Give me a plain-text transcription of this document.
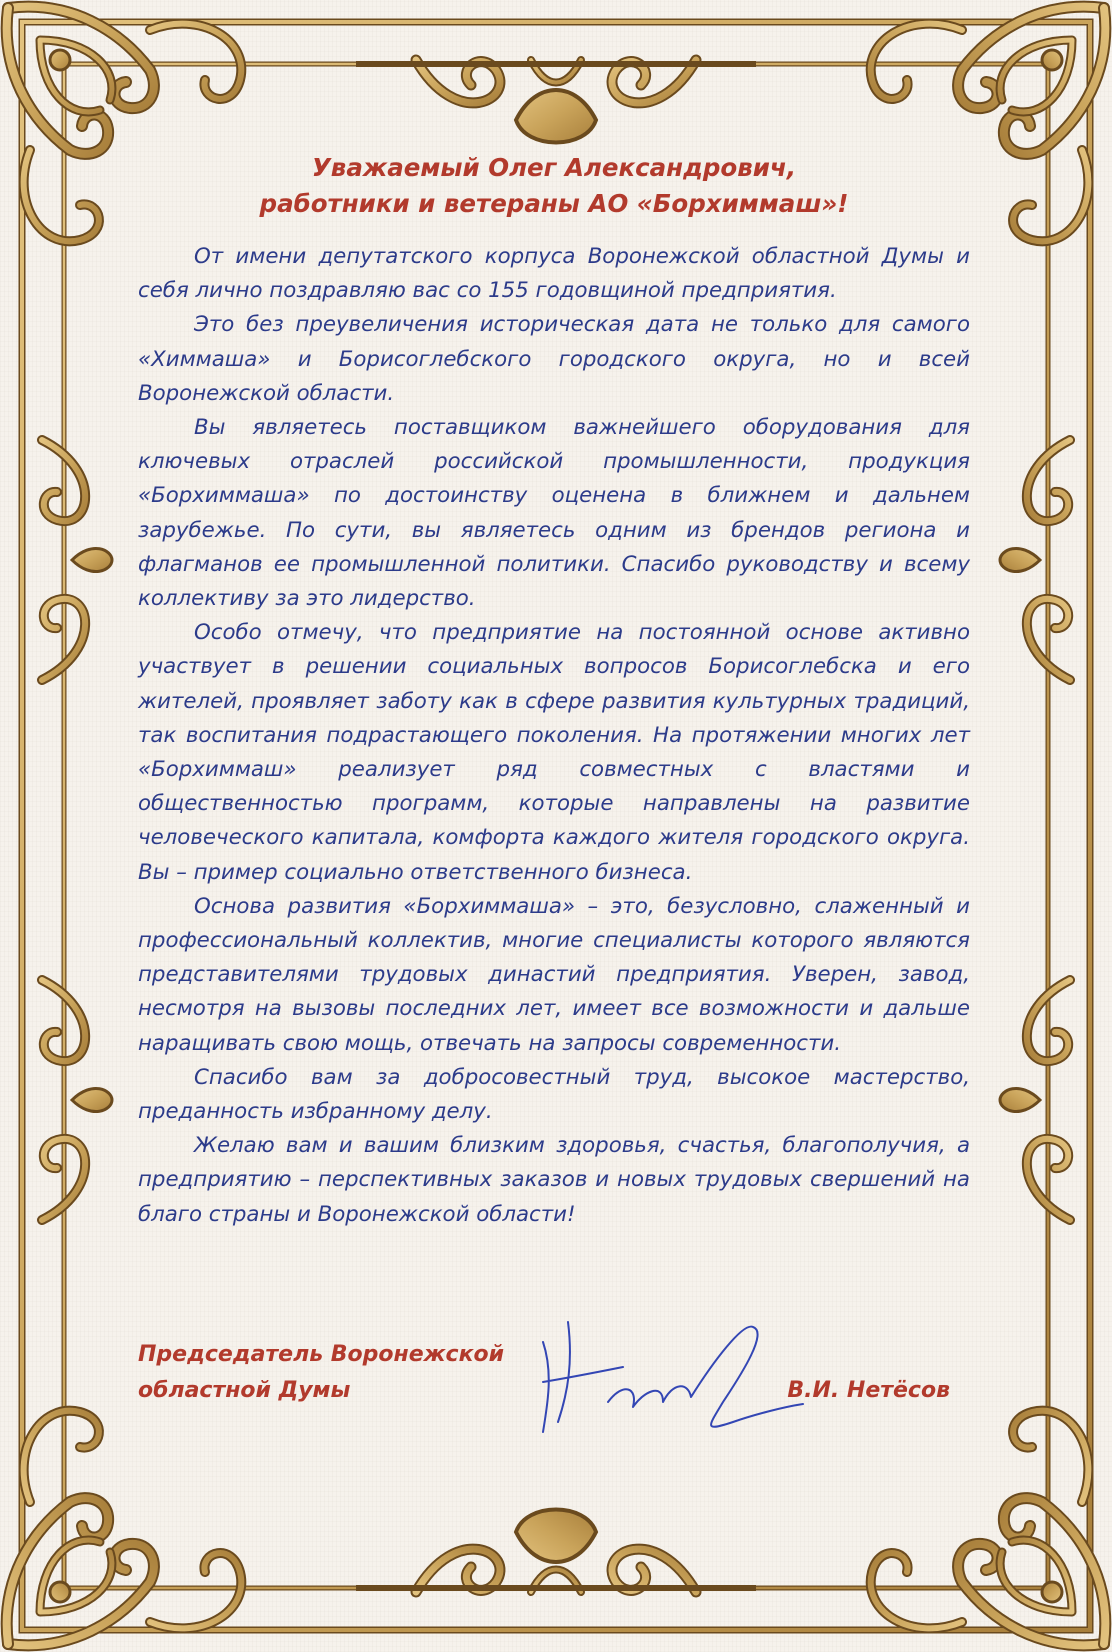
Уважаемый Олег Александрович,
работники и ветераны АО «Борхиммаш»!

От имени депутатского корпуса Воронежской областной Думы и себя лично поздравляю вас со 155 годовщиной предприятия.

Это без преувеличения историческая дата не только для самого «Химмаша» и Борисоглебского городского округа, но и всей Воронежской области.

Вы являетесь поставщиком важнейшего оборудования для ключевых отраслей российской промышленности, продукция «Борхиммаша» по достоинству оценена в ближнем и дальнем зарубежье. По сути, вы являетесь одним из брендов региона и флагманов ее промышленной политики. Спасибо руководству и всему коллективу за это лидерство.

Особо отмечу, что предприятие на постоянной основе активно участвует в решении социальных вопросов Борисоглебска и его жителей, проявляет заботу как в сфере развития культурных традиций, так воспитания подрастающего поколения. На протяжении многих лет «Борхиммаш» реализует ряд совместных с властями и общественностью программ, которые направлены на развитие человеческого капитала, комфорта каждого жителя городского округа. Вы – пример социально ответственного бизнеса.

Основа развития «Борхиммаша» – это, безусловно, слаженный и профессиональный коллектив, многие специалисты которого являются представителями трудовых династий предприятия. Уверен, завод, несмотря на вызовы последних лет, имеет все возможности и дальше наращивать свою мощь, отвечать на запросы современности.

Спасибо вам за добросовестный труд, высокое мастерство, преданность избранному делу.

Желаю вам и вашим близким здоровья, счастья, благополучия, а предприятию – перспективных заказов и новых трудовых свершений на благо страны и Воронежской области!

Председатель Воронежской
областной Думы	В.И. Нетёсов
